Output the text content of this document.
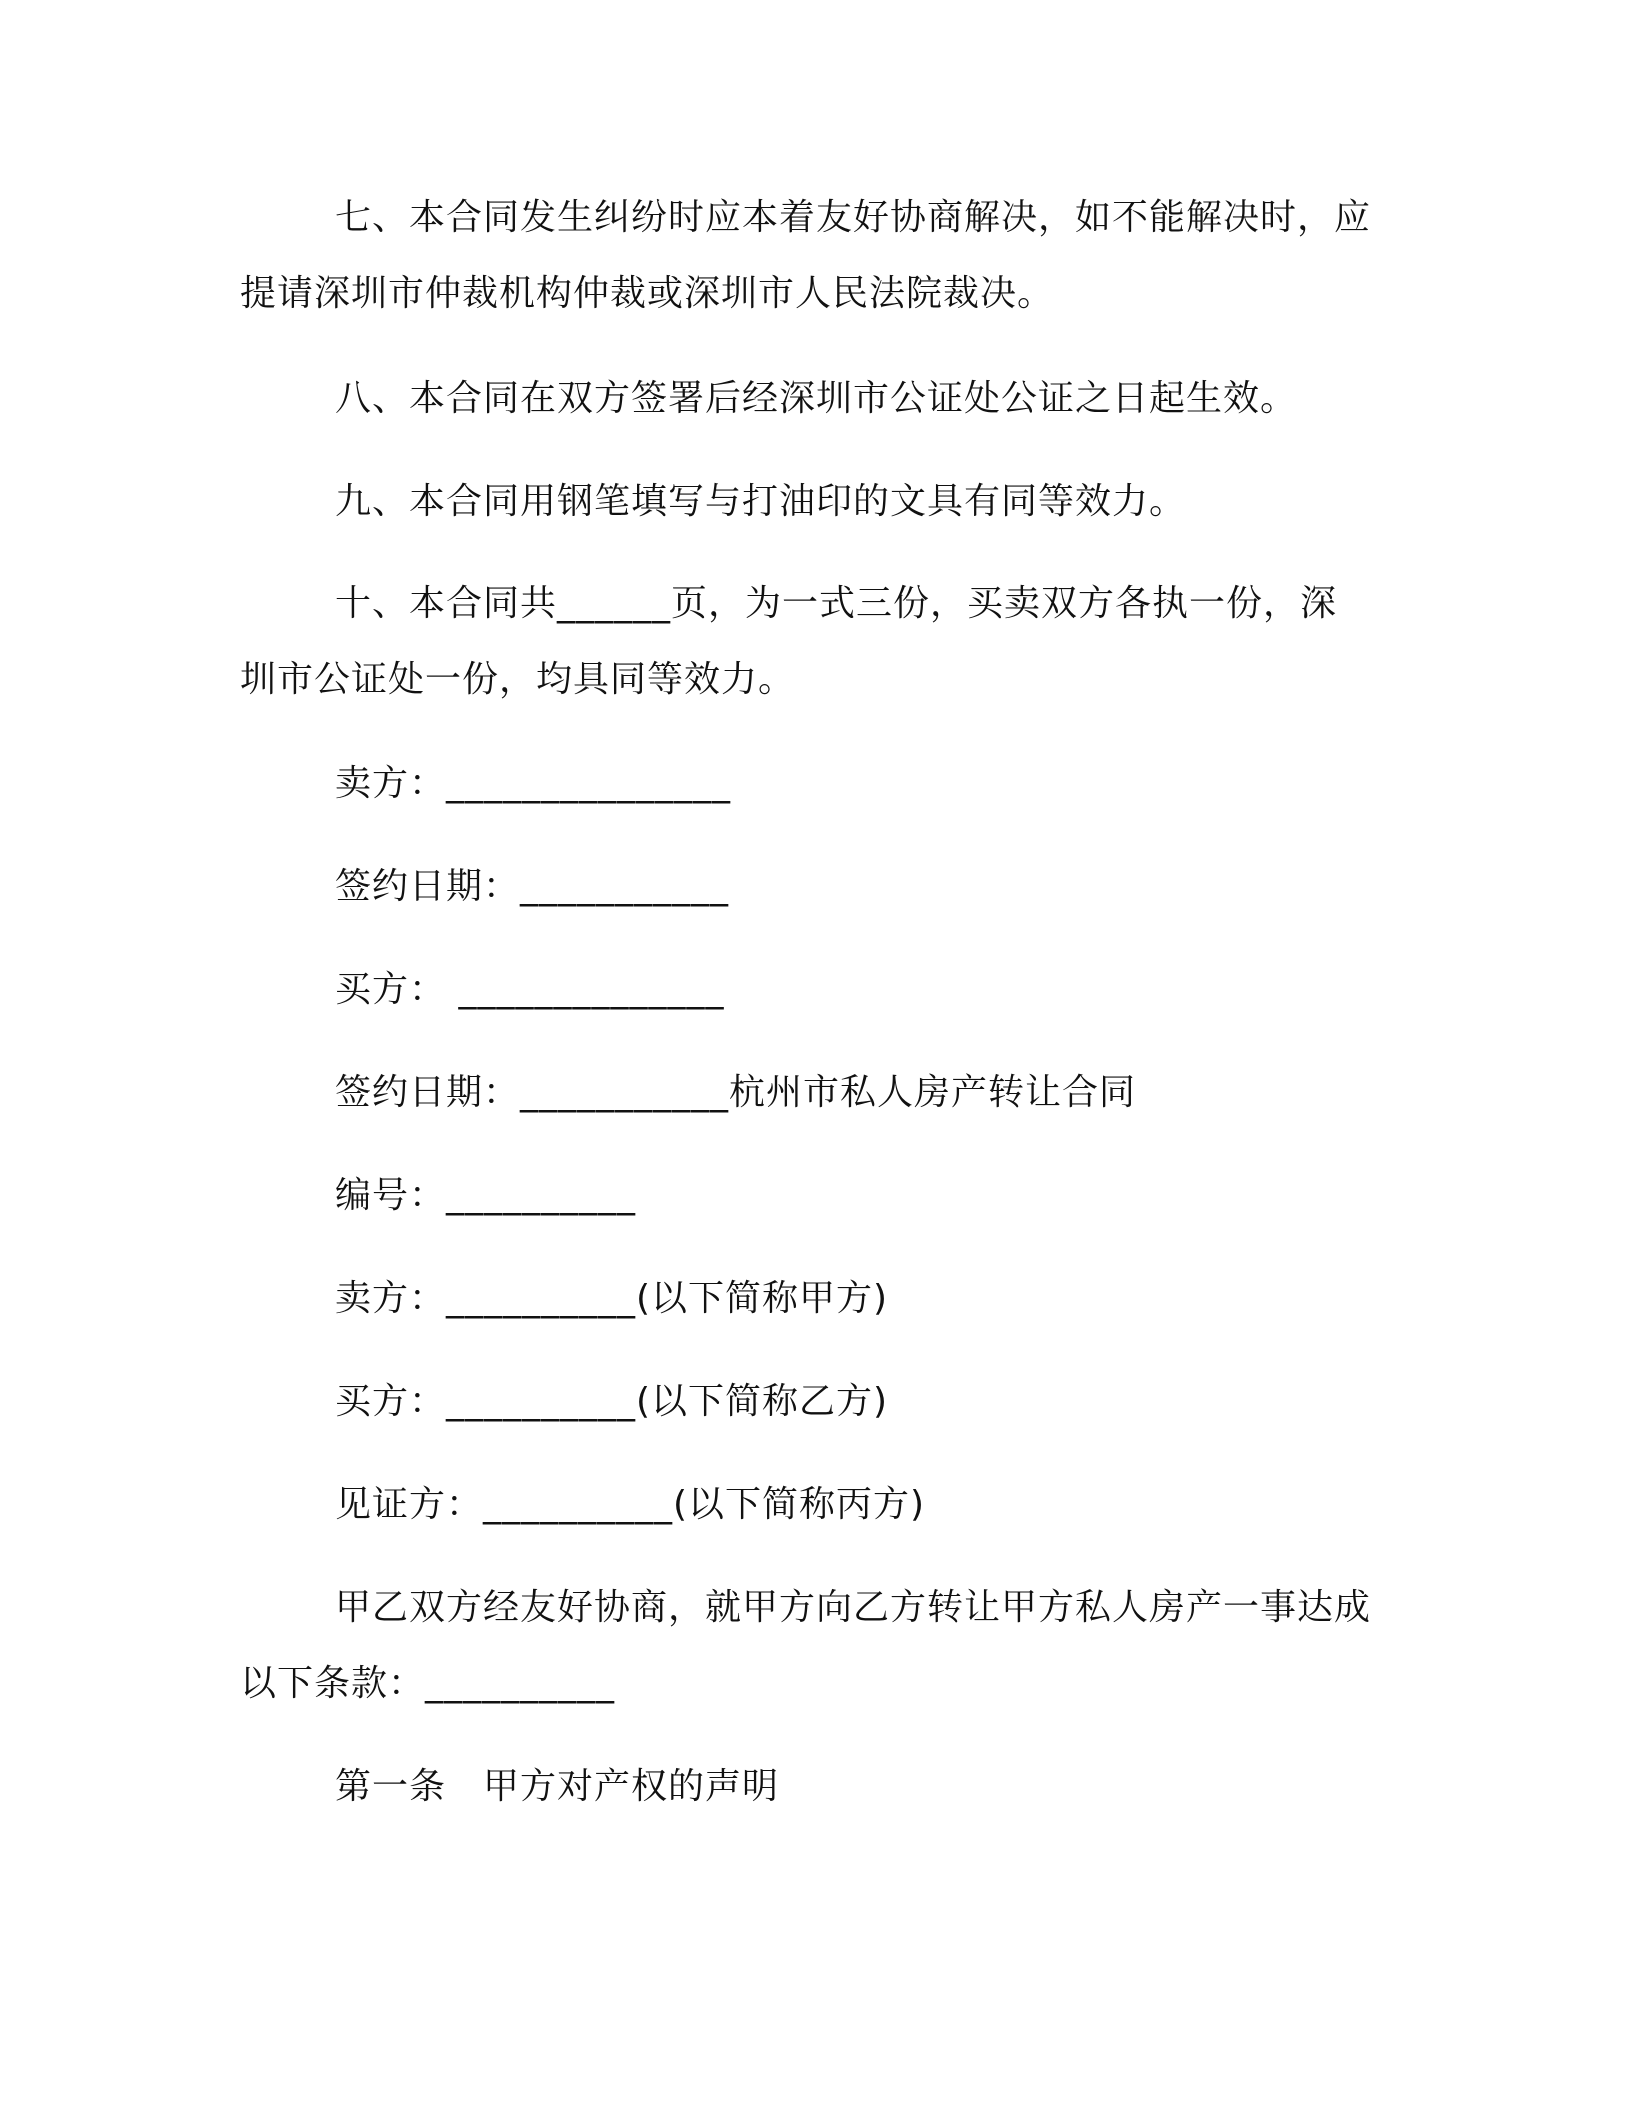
七、本合同发生纠纷时应本着友好协商解决，如不能解决时，应
提请深圳市仲裁机构仲裁或深圳市人民法院裁决。
八、本合同在双方签署后经深圳市公证处公证之日起生效。
九、本合同用钢笔填写与打油印的文具有同等效力。
十、本合同共______页，为一式三份，买卖双方各执一份，深
圳市公证处一份，均具同等效力。
卖方：_______________
签约日期：___________
买方： ______________
签约日期：___________杭州市私人房产转让合同
编号：__________
卖方：__________(以下简称甲方)
买方：__________(以下简称乙方)
见证方：__________(以下简称丙方)
甲乙双方经友好协商，就甲方向乙方转让甲方私人房产一事达成
以下条款：__________
第一条　甲方对产权的声明
